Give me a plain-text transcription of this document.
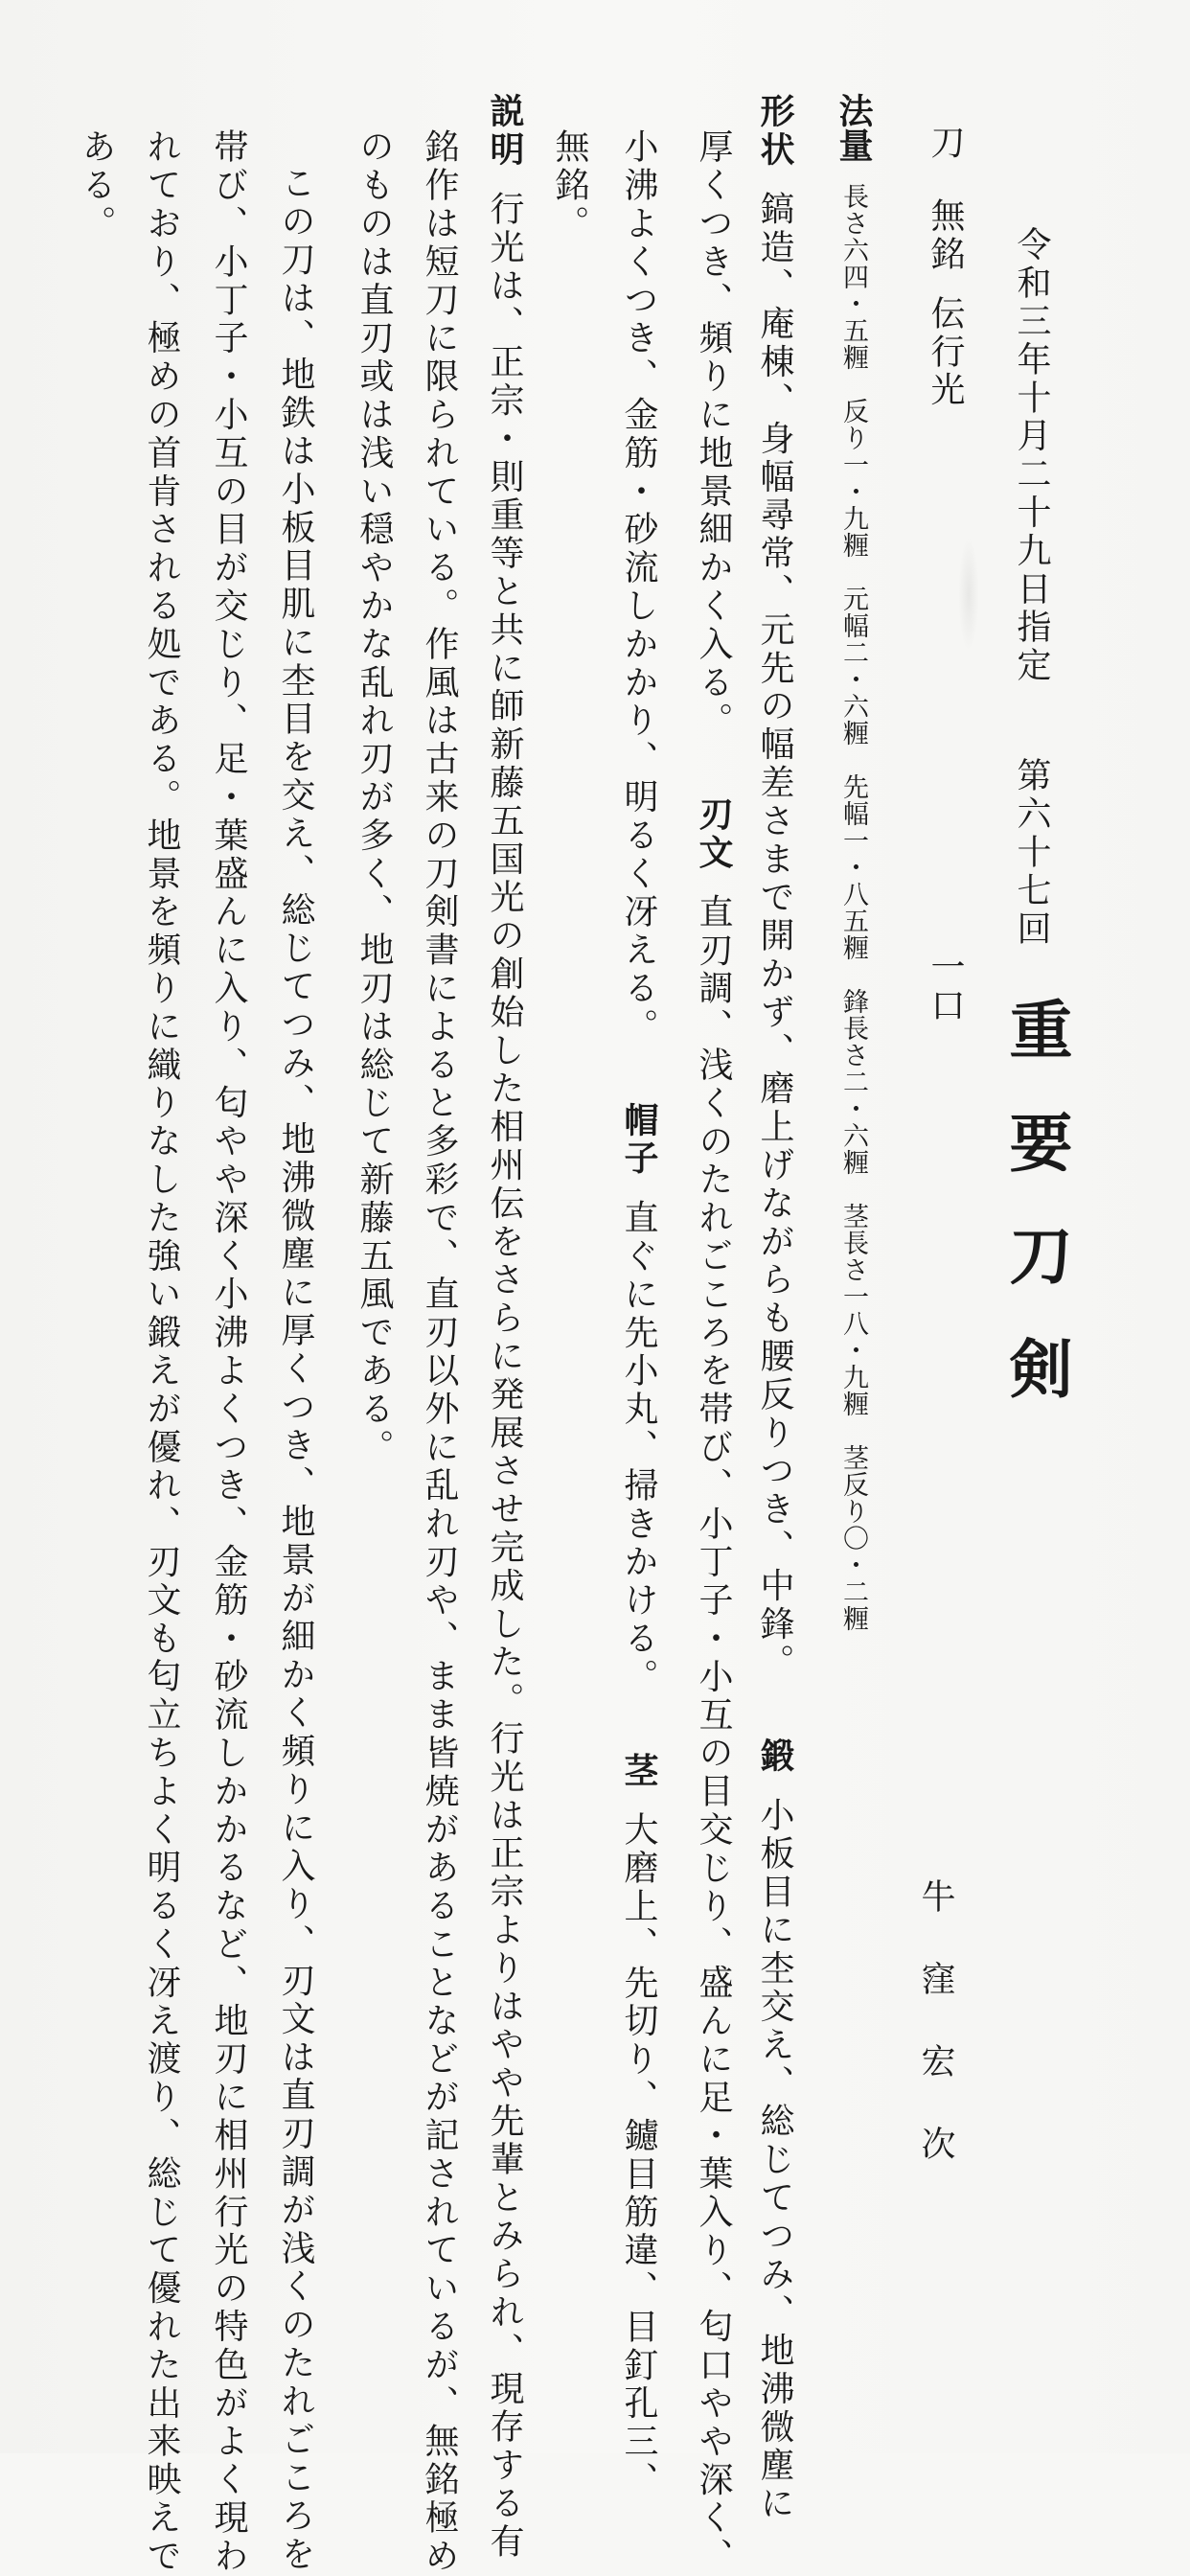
令和三年十月二十九日指定
第六十七回
重要刀剣
牛窪宏次
一口
刀無銘伝行光
法量長さ六四・五糎　反り一・九糎　元幅二・六糎　先幅一・八五糎　鋒長さ二・六糎　茎長さ一八・九糎　茎反り〇・二糎
形状鎬造、庵棟、身幅尋常、元先の幅差さまで開かず、磨上げながらも腰反りつき、中鋒。鍛小板目に杢交え、総じてつみ、地沸微塵に
厚くつき、頻りに地景細かく入る。刃文直刃調、浅くのたれごころを帯び、小丁子・小互の目交じり、盛んに足・葉入り、匂口やや深く、
小沸よくつき、金筋・砂流しかかり、明るく冴える。帽子直ぐに先小丸、掃きかける。茎大磨上、先切り、鑢目筋違、目釘孔三、
無銘。
説明行光は、正宗・則重等と共に師新藤五国光の創始した相州伝をさらに発展させ完成した。行光は正宗よりはやや先輩とみられ、現存する有
銘作は短刀に限られている。作風は古来の刀剣書によると多彩で、直刃以外に乱れ刃や、まま皆焼があることなどが記されているが、無銘極め
のものは直刃或は浅い穏やかな乱れ刃が多く、地刃は総じて新藤五風である。
この刀は、地鉄は小板目肌に杢目を交え、総じてつみ、地沸微塵に厚くつき、地景が細かく頻りに入り、刃文は直刃調が浅くのたれごころを
帯び、小丁子・小互の目が交じり、足・葉盛んに入り、匂やや深く小沸よくつき、金筋・砂流しかかるなど、地刃に相州行光の特色がよく現わ
れており、極めの首肯される処である。地景を頻りに織りなした強い鍛えが優れ、刃文も匂立ちよく明るく冴え渡り、総じて優れた出来映えで
ある。
